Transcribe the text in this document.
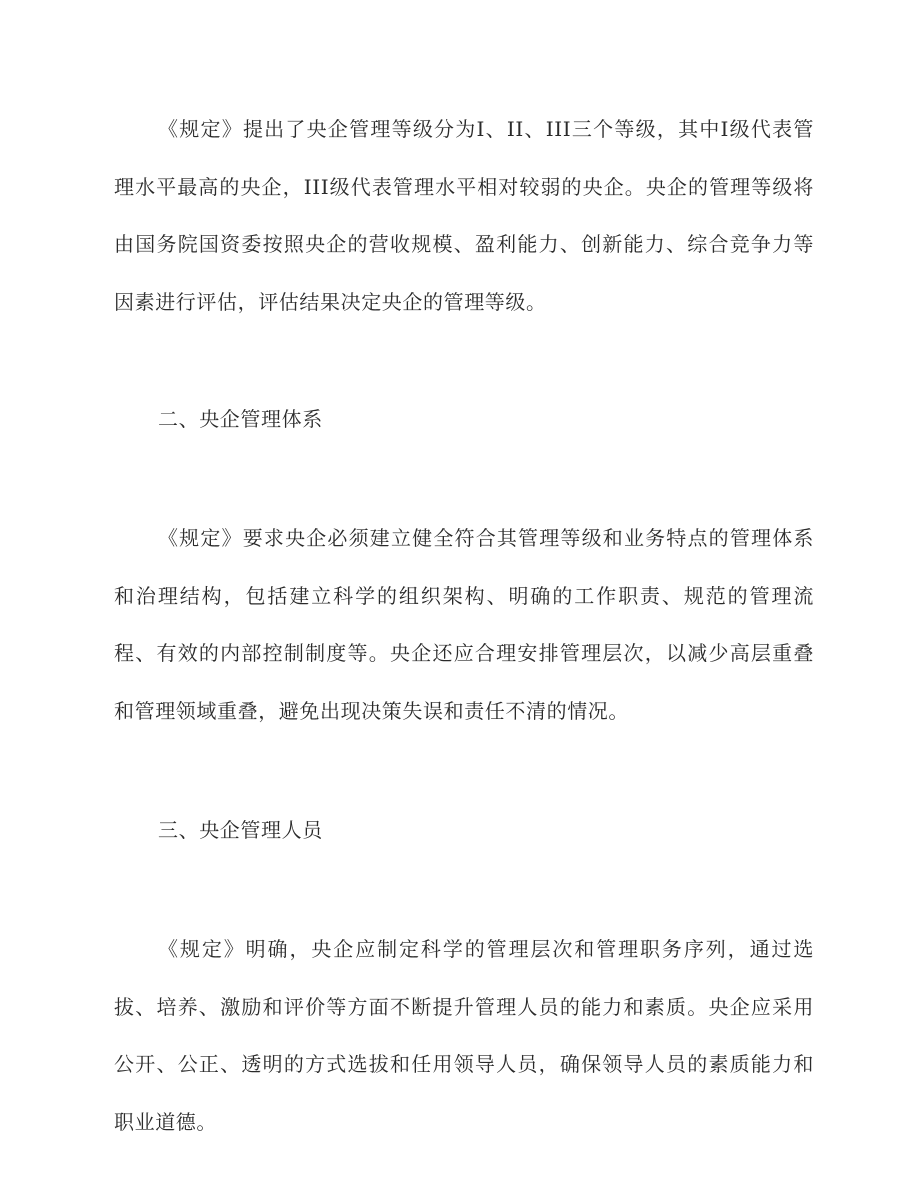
《规定》提出了央企管理等级分为I、II、III三个等级，其中I级代表管理水平最高的央企，III级代表管理水平相对较弱的央企。央企的管理等级将由国务院国资委按照央企的营收规模、盈利能力、创新能力、综合竞争力等因素进行评估，评估结果决定央企的管理等级。

二、央企管理体系

《规定》要求央企必须建立健全符合其管理等级和业务特点的管理体系和治理结构，包括建立科学的组织架构、明确的工作职责、规范的管理流程、有效的内部控制制度等。央企还应合理安排管理层次，以减少高层重叠和管理领域重叠，避免出现决策失误和责任不清的情况。

三、央企管理人员

《规定》明确，央企应制定科学的管理层次和管理职务序列，通过选拔、培养、激励和评价等方面不断提升管理人员的能力和素质。央企应采用公开、公正、透明的方式选拔和任用领导人员，确保领导人员的素质能力和职业道德。
